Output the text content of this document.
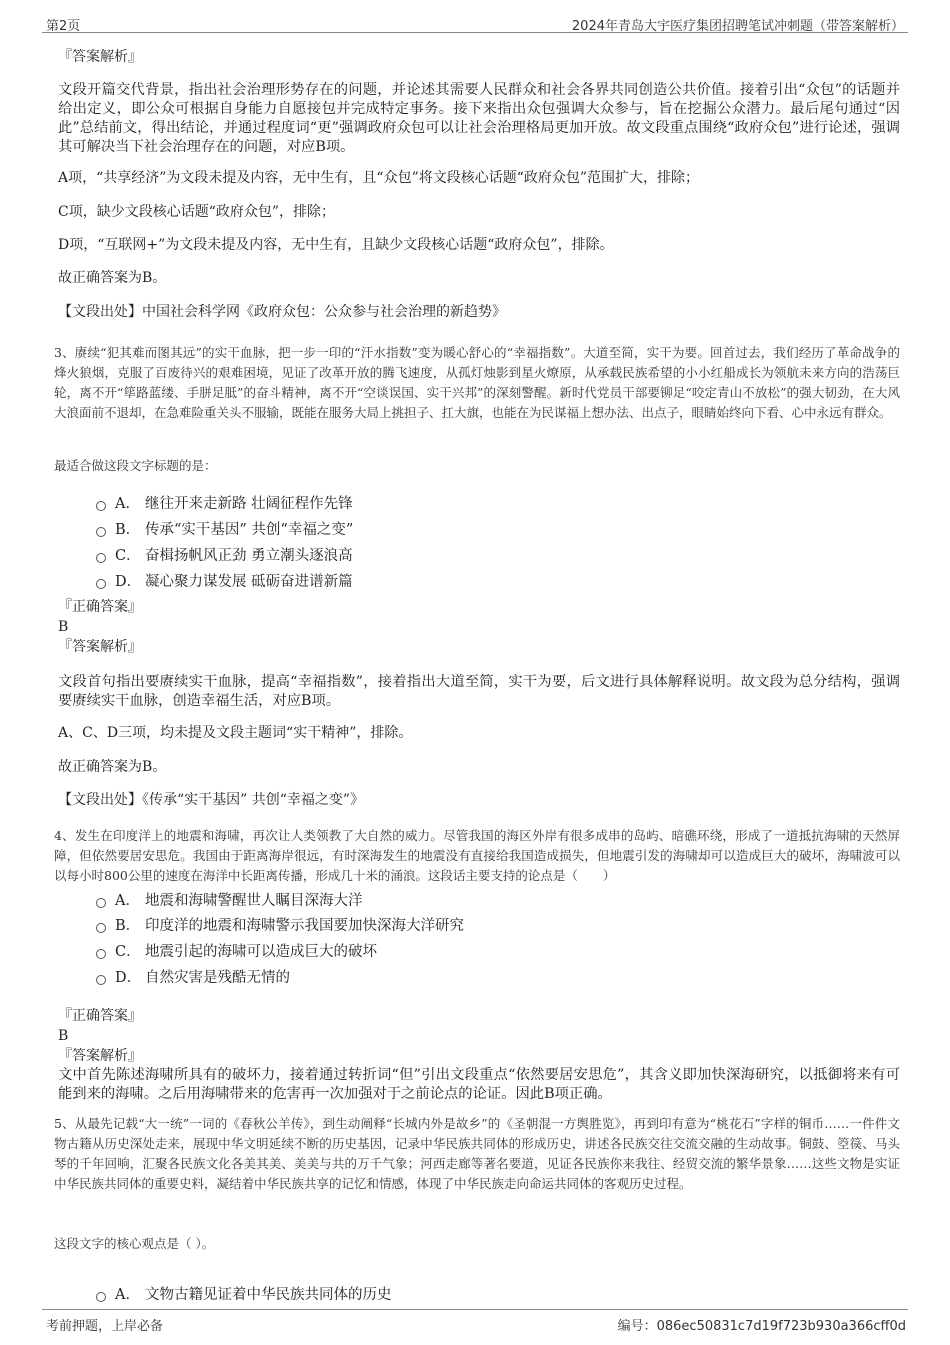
第2页	2024年青岛大宇医疗集团招聘笔试冲刺题（带答案解析）
『答案解析』
文段开篇交代背景，指出社会治理形势存在的问题，并论述其需要人民群众和社会各界共同创造公共价值。接着引出“众包”的话题并给出定义，即公众可根据自身能力自愿接包并完成特定事务。接下来指出众包强调大众参与，旨在挖掘公众潜力。最后尾句通过“因此”总结前文，得出结论，并通过程度词“更”强调政府众包可以让社会治理格局更加开放。故文段重点围绕“政府众包”进行论述，强调其可解决当下社会治理存在的问题，对应B项。
A项，“共享经济”为文段未提及内容，无中生有，且“众包”将文段核心话题“政府众包”范围扩大，排除；
C项，缺少文段核心话题“政府众包”，排除；
D项，“互联网+”为文段未提及内容，无中生有，且缺少文段核心话题“政府众包”，排除。
故正确答案为B。
【文段出处】中国社会科学网《政府众包：公众参与社会治理的新趋势》
3、赓续“犯其难而图其远”的实干血脉，把一步一印的“汗水指数”变为暖心舒心的“幸福指数”。大道至简，实干为要。回首过去，我们经历了革命战争的烽火狼烟，克服了百废待兴的艰难困境，见证了改革开放的腾飞速度，从孤灯烛影到星火燎原，从承载民族希望的小小红船成长为领航未来方向的浩荡巨轮，离不开“筚路蓝缕、手胼足胝”的奋斗精神，离不开“空谈误国、实干兴邦”的深刻警醒。新时代党员干部要铆足“咬定青山不放松”的强大韧劲，在大风大浪面前不退却，在急难险重关头不服输，既能在服务大局上挑担子、扛大旗，也能在为民谋福上想办法、出点子，眼睛始终向下看、心中永远有群众。
最适合做这段文字标题的是：
A． 继往开来走新路 壮阔征程作先锋
B． 传承“实干基因” 共创“幸福之变”
C． 奋楫扬帆风正劲 勇立潮头逐浪高
D． 凝心聚力谋发展 砥砺奋进谱新篇
『正确答案』
B
『答案解析』
文段首句指出要赓续实干血脉，提高“幸福指数”，接着指出大道至简，实干为要，后文进行具体解释说明。故文段为总分结构，强调要赓续实干血脉，创造幸福生活，对应B项。
A、C、D三项，均未提及文段主题词“实干精神”，排除。
故正确答案为B。
【文段出处】《传承“实干基因” 共创“幸福之变”》
4、发生在印度洋上的地震和海啸，再次让人类领教了大自然的威力。尽管我国的海区外岸有很多成串的岛屿、暗礁环绕，形成了一道抵抗海啸的天然屏障，但依然要居安思危。我国由于距离海岸很远，有时深海发生的地震没有直接给我国造成损失，但地震引发的海啸却可以造成巨大的破坏，海啸波可以以每小时800公里的速度在海洋中长距离传播，形成几十米的涌浪。这段话主要支持的论点是（　　）
A． 地震和海啸警醒世人瞩目深海大洋
B． 印度洋的地震和海啸警示我国要加快深海大洋研究
C． 地震引起的海啸可以造成巨大的破坏
D． 自然灾害是残酷无情的
『正确答案』
B
『答案解析』
文中首先陈述海啸所具有的破坏力，接着通过转折词“但”引出文段重点“依然要居安思危”，其含义即加快深海研究，以抵御将来有可能到来的海啸。之后用海啸带来的危害再一次加强对于之前论点的论证。因此B项正确。
5、从最先记载“大一统”一词的《春秋公羊传》，到生动阐释“长城内外是故乡”的《圣朝混一方舆胜览》，再到印有意为“桃花石”字样的铜币……一件件文物古籍从历史深处走来，展现中华文明延续不断的历史基因，记录中华民族共同体的形成历史，讲述各民族交往交流交融的生动故事。铜鼓、箜篌、马头琴的千年回响，汇聚各民族文化各美其美、美美与共的万千气象；河西走廊等著名要道，见证各民族你来我往、经贸交流的繁华景象……这些文物是实证中华民族共同体的重要史料，凝结着中华民族共享的记忆和情感，体现了中华民族走向命运共同体的客观历史过程。
这段文字的核心观点是（ ）。
A． 文物古籍见证着中华民族共同体的历史
考前押题，上岸必备	编号：086ec50831c7d19f723b930a366cff0d
